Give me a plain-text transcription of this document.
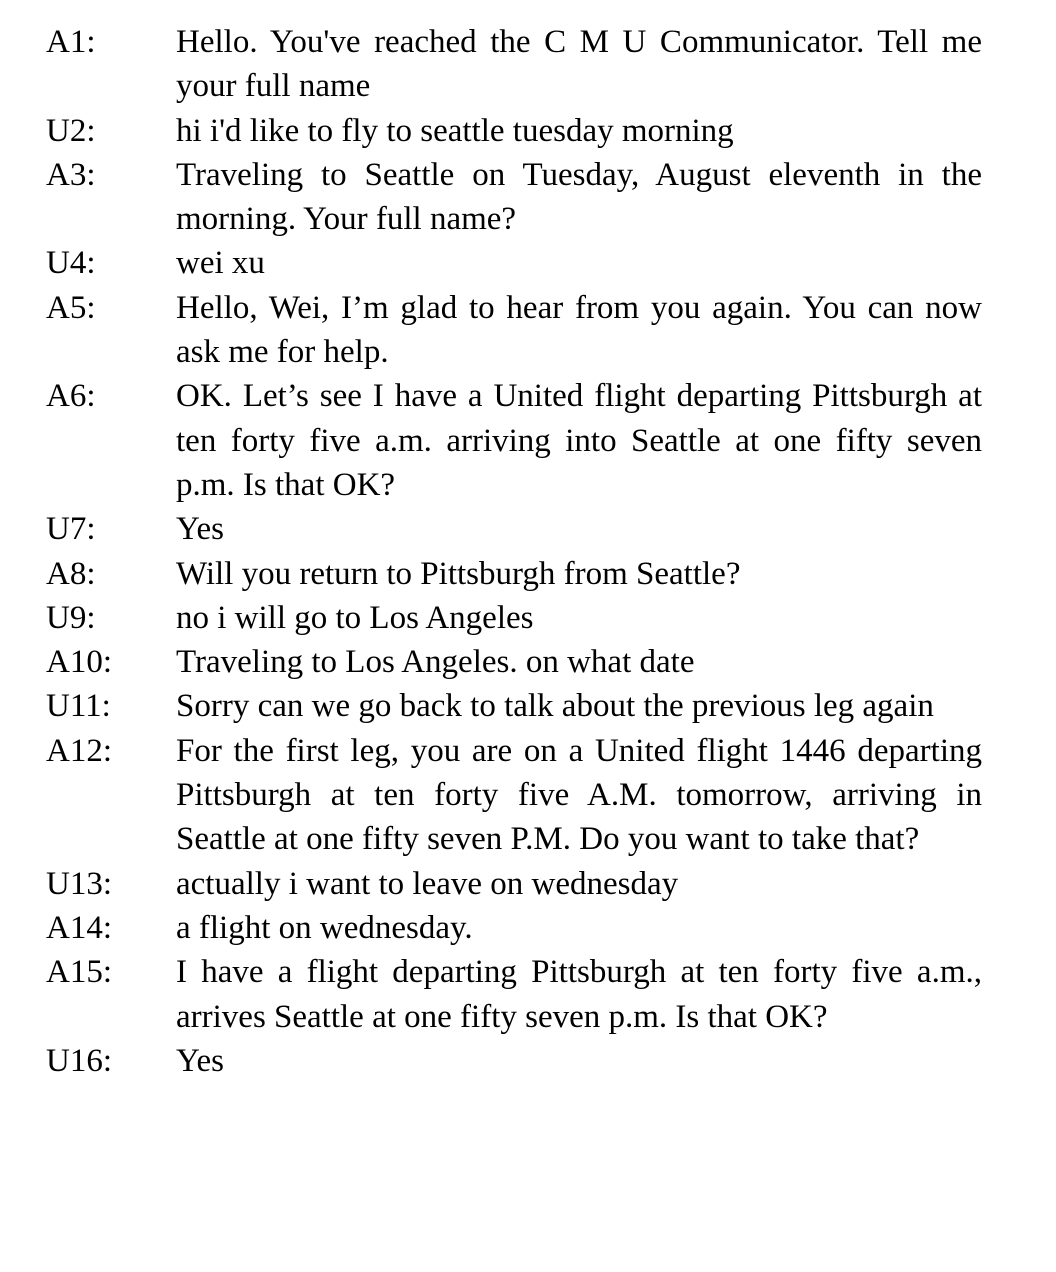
A1: Hello. You've reached the C M U Communicator. Tell me your full name
U2: hi i'd like to fly to seattle tuesday morning
A3: Traveling to Seattle on Tuesday, August eleventh in the morning. Your full name?
U4: wei xu
A5: Hello, Wei, I’m glad to hear from you again. You can now ask me for help.
A6: OK. Let’s see I have a United flight departing Pittsburgh at ten forty five a.m. arriving into Seattle at one fifty seven p.m. Is that OK?
U7: Yes
A8: Will you return to Pittsburgh from Seattle?
U9: no i will go to Los Angeles
A10: Traveling to Los Angeles. on what date
U11: Sorry can we go back to talk about the previous leg again
A12: For the first leg, you are on a United flight 1446 departing Pittsburgh at ten forty five A.M. tomorrow, arriving in Seattle at one fifty seven P.M. Do you want to take that?
U13: actually i want to leave on wednesday
A14: a flight on wednesday.
A15: I have a flight departing Pittsburgh at ten forty five a.m., arrives Seattle at one fifty seven p.m. Is that OK?
U16: Yes
